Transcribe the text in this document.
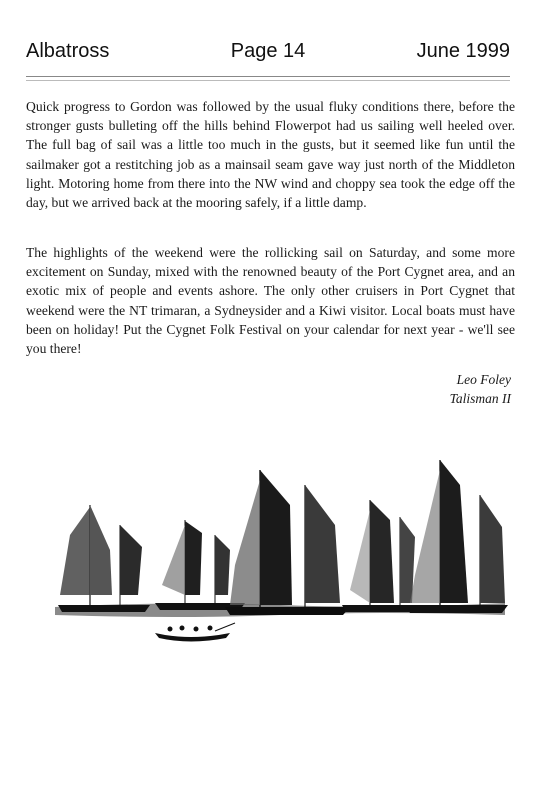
Albatross	Page 14	June 1999
Quick progress to Gordon was followed by the usual fluky conditions there, before the stronger gusts bulleting off the hills behind Flowerpot had us sailing well heeled over. The full bag of sail was a little too much in the gusts, but it seemed like fun until the sailmaker got a restitching job as a mainsail seam gave way just north of the Middleton light. Motoring home from there into the NW wind and choppy sea took the edge off the day, but we arrived back at the mooring safely, if a little damp.
The highlights of the weekend were the rollicking sail on Saturday, and some more excitement on Sunday, mixed with the renowned beauty of the Port Cygnet area, and an exotic mix of people and events ashore. The only other cruisers in Port Cygnet that weekend were the NT trimaran, a Sydneysider and a Kiwi visitor. Local boats must have been on holiday! Put the Cygnet Folk Festival on your calendar for next year - we'll see you there!
Leo Foley
Talisman II
